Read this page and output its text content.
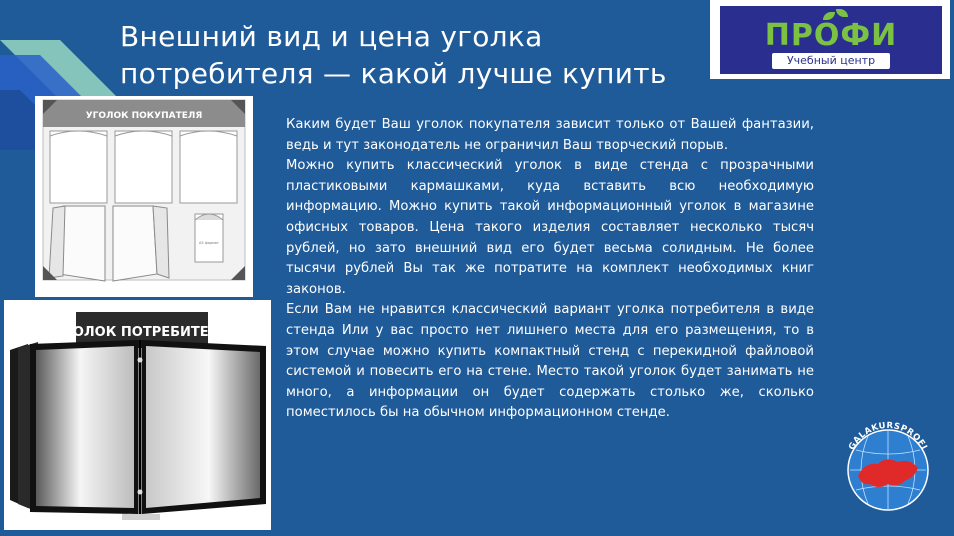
Внешний вид и цена уголка потребителя — какой лучше купить
ПРОФИ
Учебный центр
УГОЛОК ПОКУПАТЕЛЯ
А5 формат
УГОЛОК ПОТРЕБИТЕЛЯ

Каким будет Ваш уголок покупателя зависит только от Вашей фантазии, ведь и тут законодатель не ограничил Ваш творческий порыв.

Можно купить классический уголок в виде стенда с прозрачными пластиковыми кармашками, куда вставить всю необходимую информацию. Можно купить такой информационный уголок в магазине офисных товаров. Цена такого изделия составляет несколько тысяч рублей, но зато внешний вид его будет весьма солидным. Не более тысячи рублей Вы так же потратите на комплект необходимых книг законов.

Если Вам не нравится классический вариант уголка потребителя в виде стенда Или у вас просто нет лишнего места для его размещения, то в этом случае можно купить компактный стенд с перекидной файловой системой и повесить его на стене. Место такой уголок будет занимать не много, а информации он будет содержать столько же, сколько поместилось бы на обычном информационном стенде.

GALAKURSPROFI
